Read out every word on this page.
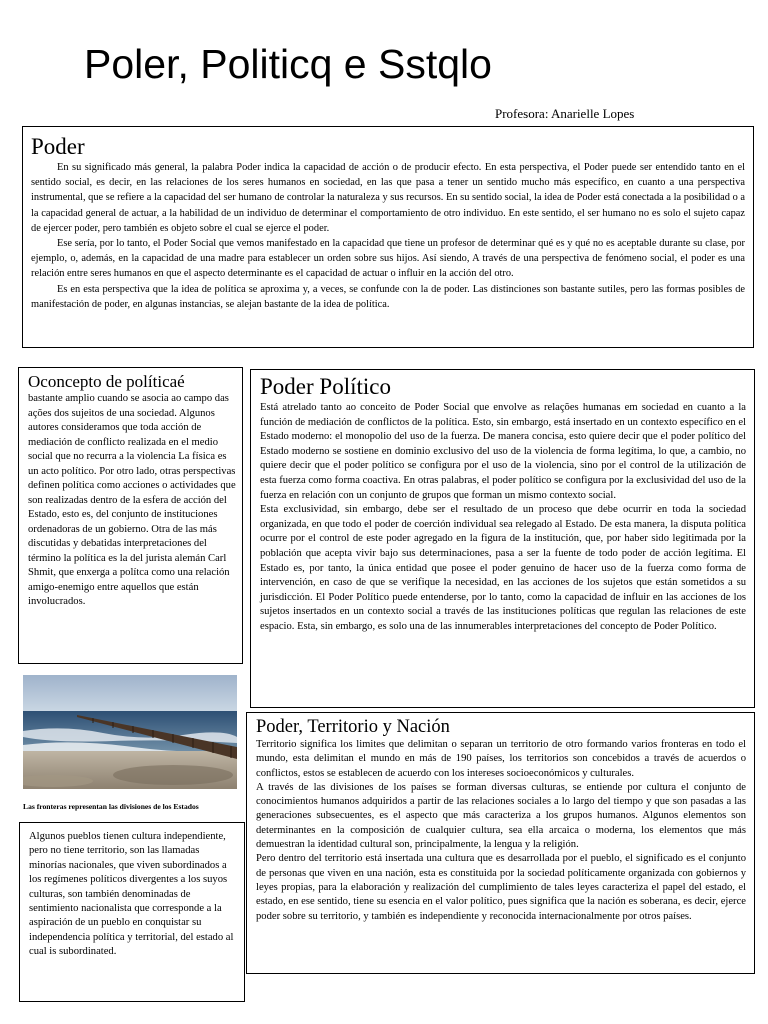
Poler, Politicq e Sstqlo
Profesora: Anarielle Lopes
Poder

En su significado más general, la palabra Poder indica la capacidad de acción o de producir efecto. En esta perspectiva, el Poder puede ser entendido tanto en el sentido social, es decir, en las relaciones de los seres humanos en sociedad, en las que pasa a tener un sentido mucho más específico, en cuanto a una perspectiva instrumental, que se refiere a la capacidad del ser humano de controlar la naturaleza y sus recursos. En su sentido social, la idea de Poder está conectada a la posibilidad o a la capacidad general de actuar, a la habilidad de un individuo de determinar el comportamiento de otro individuo. En este sentido, el ser humano no es solo el sujeto capaz de ejercer poder, pero también es objeto sobre el cual se ejerce el poder.

Ese sería, por lo tanto, el Poder Social que vemos manifestado en la capacidad que tiene un profesor de determinar qué es y qué no es aceptable durante su clase, por ejemplo, o, además, en la capacidad de una madre para establecer un orden sobre sus hijos. Así siendo, A través de una perspectiva de fenómeno social, el poder es una relación entre seres humanos en que el aspecto determinante es el capacidad de actuar o influir en la acción del otro.

Es en esta perspectiva que la idea de política se aproxima y, a veces, se confunde con la de poder. Las distinciones son bastante sutiles, pero las formas posibles de manifestación de poder, en algunas instancias, se alejan bastante de la idea de política.

Oconcepto de políticaé

bastante amplio cuando se asocia ao campo das ações dos sujeitos de una sociedad. Algunos autores consideramos que toda acción de mediación de conflicto realizada en el medio social que no recurra a la violencia La física es un acto político. Por otro lado, otras perspectivas definen política como acciones o actividades que son realizadas dentro de la esfera de acción del Estado, esto es, del conjunto de instituciones ordenadoras de un gobierno. Otra de las más discutidas y debatidas interpretaciones del término la política es la del jurista alemán Carl Shmit, que enxerga a polítca como una relación amigo-enemigo entre aquellos que están involucrados.

Poder Político

Está atrelado tanto ao conceito de Poder Social que envolve as relações humanas em sociedad en cuanto a la función de mediación de conflictos de la política. Esto, sin embargo, está insertado en un contexto específico en el Estado moderno: el monopolio del uso de la fuerza. De manera concisa, esto quiere decir que el poder político del Estado moderno se sostiene en dominio exclusivo del uso de la violencia de forma legítima, lo que, a cambio, no quiere decir que el poder político se configura por el uso de la violencia, sino por el control de la utilización de esta fuerza como forma coactiva. En otras palabras, el poder político se configura por la exclusividad del uso de la fuerza en relación con un conjunto de grupos que forman un mismo contexto social.

Esta exclusividad, sin embargo, debe ser el resultado de un proceso que debe ocurrir en toda la sociedad organizada, en que todo el poder de coerción individual sea relegado al Estado. De esta manera, la disputa política ocurre por el control de este poder agregado en la figura de la institución, que, por haber sido legitimada por la población que acepta vivir bajo sus determinaciones, pasa a ser la fuente de todo poder de acción legítima. El Estado es, por tanto, la única entidad que posee el poder genuino de hacer uso de la fuerza como forma de intervención, en caso de que se verifique la necesidad, en las acciones de los sujetos que están sometidos a su jurisdicción. El Poder Político puede entenderse, por lo tanto, como la capacidad de influir en las acciones de los sujetos insertados en un contexto social a través de las instituciones políticas que regulan las relaciones de este espacio. Esta, sin embargo, es solo una de las innumerables interpretaciones del concepto de Poder Político.

Las fronteras representan las divisiones de los Estados
Poder, Territorio y Nación

Territorio significa los limites que delimitan o separan un territorio de otro formando varios fronteras en todo el mundo, esta delimitan el mundo en más de 190 países, los territorios son concebidos a través de acuerdos o conflictos, estos se establecen de acuerdo con los intereses socioeconómicos y culturales.

A través de las divisiones de los países se forman diversas culturas, se entiende por cultura el conjunto de conocimientos humanos adquiridos a partir de las relaciones sociales a lo largo del tiempo y que son pasadas a las generaciones subsecuentes, es el aspecto que más caracteriza a los grupos humanos. Algunos elementos son determinantes en la composición de cualquier cultura, sea ella arcaica o moderna, los elementos que más demuestran la identidad cultural son, principalmente, la lengua y la religión.

Pero dentro del territorio está insertada una cultura que es desarrollada por el pueblo, el significado es el conjunto de personas que viven en una nación, esta es constituida por la sociedad políticamente organizada con gobiernos y leyes propias, para la elaboración y realización del cumplimiento de tales leyes caracteriza el papel del estado, el estado, en ese sentido, tiene su esencia en el valor político, pues significa que la nación es soberana, es decir, ejerce poder sobre su territorio, y también es independiente y reconocida internacionalmente por otros países.

Algunos pueblos tienen cultura independiente, pero no tiene territorio, son las llamadas minorías nacionales, que viven subordinados a los regímenes políticos divergentes a los suyos culturas, son también denominadas de sentimiento nacionalista que corresponde a la aspiración de un pueblo en conquistar su independencia política y territorial, del estado al cual is subordinated.
